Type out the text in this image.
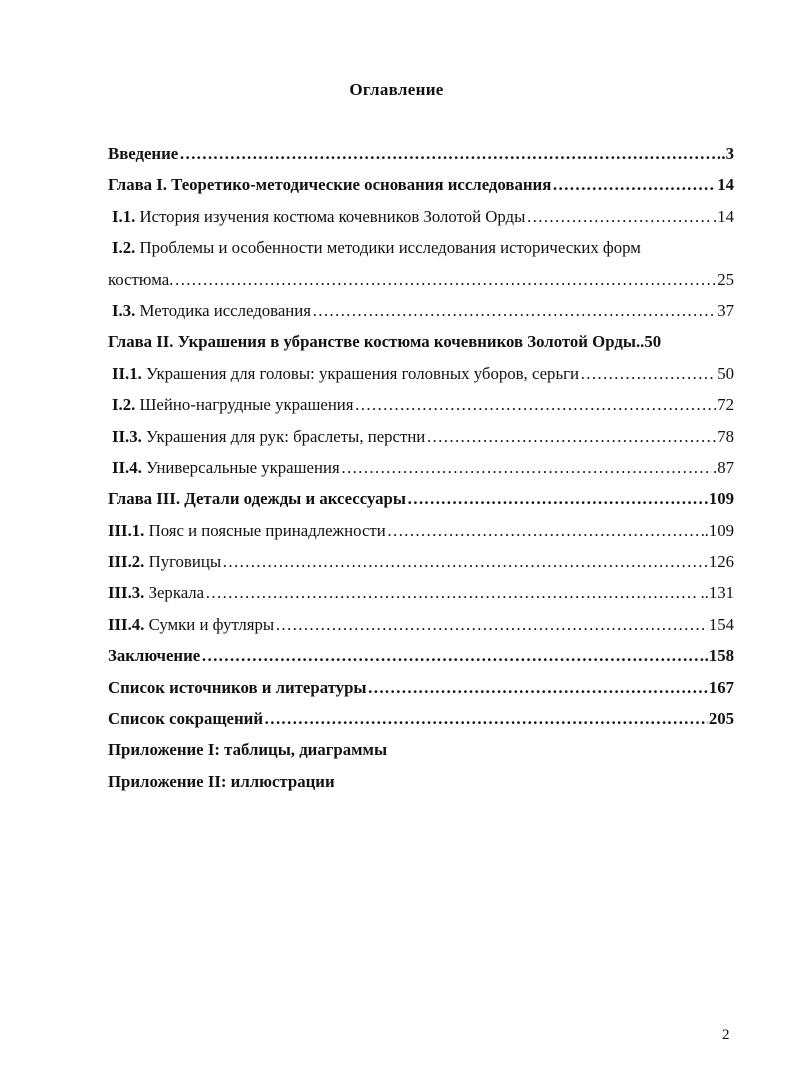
Оглавление
Введение ……………………………………………………………………………………………………………………………………	.3
Глава I. Теоретико-методические основания исследования ……………………………………………………………………………………………………………………………………	14
I.1. История изучения костюма кочевников Золотой Орды ……………………………………………………………………………………………………………………………………	.14
I.2. Проблемы и особенности методики исследования исторических форм
костюма. ……………………………………………………………………………………………………………………………………	25
I.3. Методика исследования ……………………………………………………………………………………………………………………………………	37
Глава II. Украшения в убранстве костюма кочевников Золотой Орды ..50
II.1. Украшения для головы: украшения головных уборов, серьги ……………………………………………………………………………………………………………………………………	50
I.2. Шейно-нагрудные украшения ……………………………………………………………………………………………………………………………………	72
II.3. Украшения для рук: браслеты, перстни ……………………………………………………………………………………………………………………………………	78
II.4. Универсальные украшения ……………………………………………………………………………………………………………………………………	.87
Глава III. Детали одежды и аксессуары ……………………………………………………………………………………………………………………………………	109
III.1. Пояс и поясные принадлежности ……………………………………………………………………………………………………………………………………	.109
III.2. Пуговицы ……………………………………………………………………………………………………………………………………	126
III.3. Зеркала ……………………………………………………………………………………………………………………………………	..131
III.4. Сумки и футляры ……………………………………………………………………………………………………………………………………	154
Заключение ……………………………………………………………………………………………………………………………………	.158
Список источников и литературы ……………………………………………………………………………………………………………………………………	167
Список сокращений ……………………………………………………………………………………………………………………………………	205
Приложение I: таблицы, диаграммы
Приложение II: иллюстрации
2
